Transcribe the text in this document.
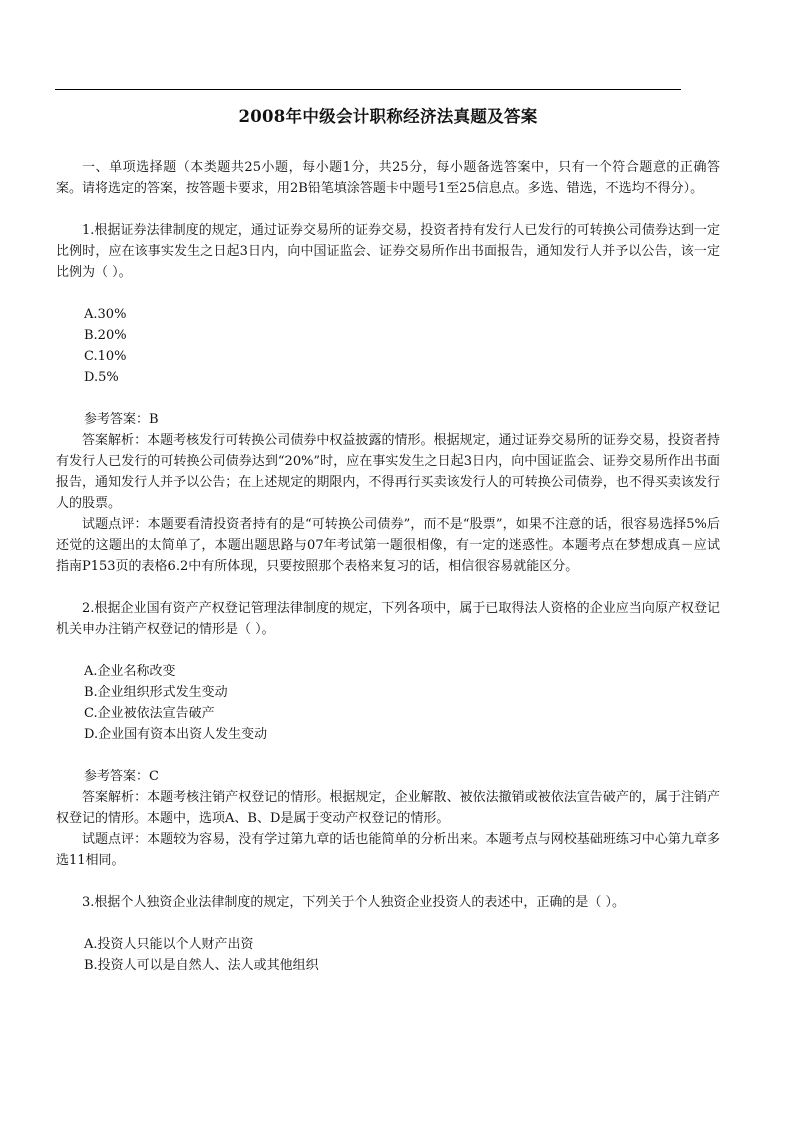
2008年中级会计职称经济法真题及答案

一、单项选择题（本类题共25小题，每小题1分，共25分，每小题备选答案中，只有一个符合题意的正确答案。请将选定的答案，按答题卡要求，用2B铅笔填涂答题卡中题号1至25信息点。多选、错选，不选均不得分）。

1.根据证券法律制度的规定，通过证券交易所的证券交易，投资者持有发行人已发行的可转换公司债券达到一定比例时，应在该事实发生之日起3日内，向中国证监会、证券交易所作出书面报告，通知发行人并予以公告，该一定比例为（ ）。

A.30%

B.20%

C.10%

D.5%

参考答案：B

答案解析：本题考核发行可转换公司债券中权益披露的情形。根据规定，通过证券交易所的证券交易，投资者持有发行人已发行的可转换公司债券达到“20%”时，应在事实发生之日起3日内，向中国证监会、证券交易所作出书面报告，通知发行人并予以公告；在上述规定的期限内，不得再行买卖该发行人的可转换公司债券，也不得买卖该发行人的股票。

试题点评：本题要看清投资者持有的是“可转换公司债券”，而不是“股票”，如果不注意的话，很容易选择5%后还觉的这题出的太简单了，本题出题思路与07年考试第一题很相像，有一定的迷惑性。本题考点在梦想成真－应试指南P153页的表格6.2中有所体现，只要按照那个表格来复习的话，相信很容易就能区分。

2.根据企业国有资产产权登记管理法律制度的规定，下列各项中，属于已取得法人资格的企业应当向原产权登记机关申办注销产权登记的情形是（ ）。

A.企业名称改变

B.企业组织形式发生变动

C.企业被依法宣告破产

D.企业国有资本出资人发生变动

参考答案：C

答案解析：本题考核注销产权登记的情形。根据规定，企业解散、被依法撤销或被依法宣告破产的，属于注销产权登记的情形。本题中，选项A、B、D是属于变动产权登记的情形。

试题点评：本题较为容易，没有学过第九章的话也能简单的分析出来。本题考点与网校基础班练习中心第九章多选11相同。

3.根据个人独资企业法律制度的规定，下列关于个人独资企业投资人的表述中，正确的是（ ）。

A.投资人只能以个人财产出资

B.投资人可以是自然人、法人或其他组织
